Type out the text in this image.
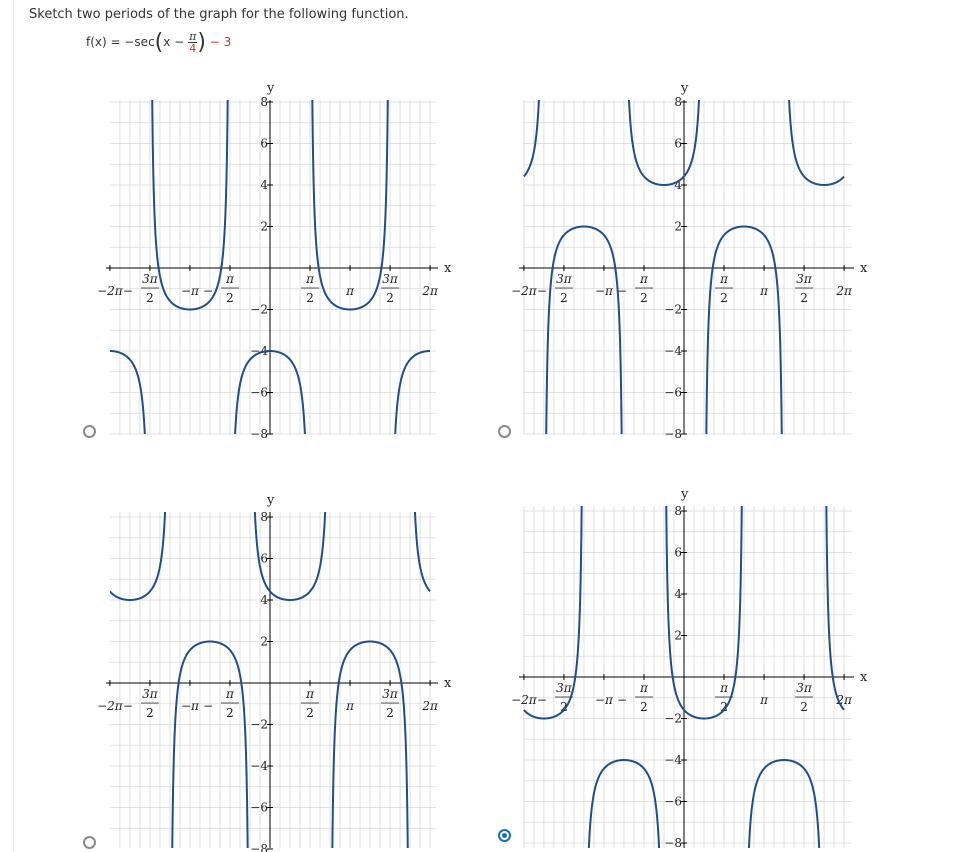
Sketch two periods of the graph for the following function.
$f(x) = -\sec(x - \frac{\pi}{4}$ ) − 3
x
y
−2π −
3π
2 −π −
π
2
π
2	π
3π
2 2π
8
6
4
2
−2
−4
−6
−8
x
y
−2π −
3π
2 −π −
π
2
π
2	π
3π
2 2π
8
6
4
2
−2
−4
−6
−8
x
y
−2π −
3π
2 −π −
π
2
π
2	π
3π
2 2π
8
6
4
2
−2
−4
−6
−8
x
y
−2π −
3π
2 −π −
π
2
π
2	π
3π
2 2π
8
6
4
2
−2
−4
−6
−8
